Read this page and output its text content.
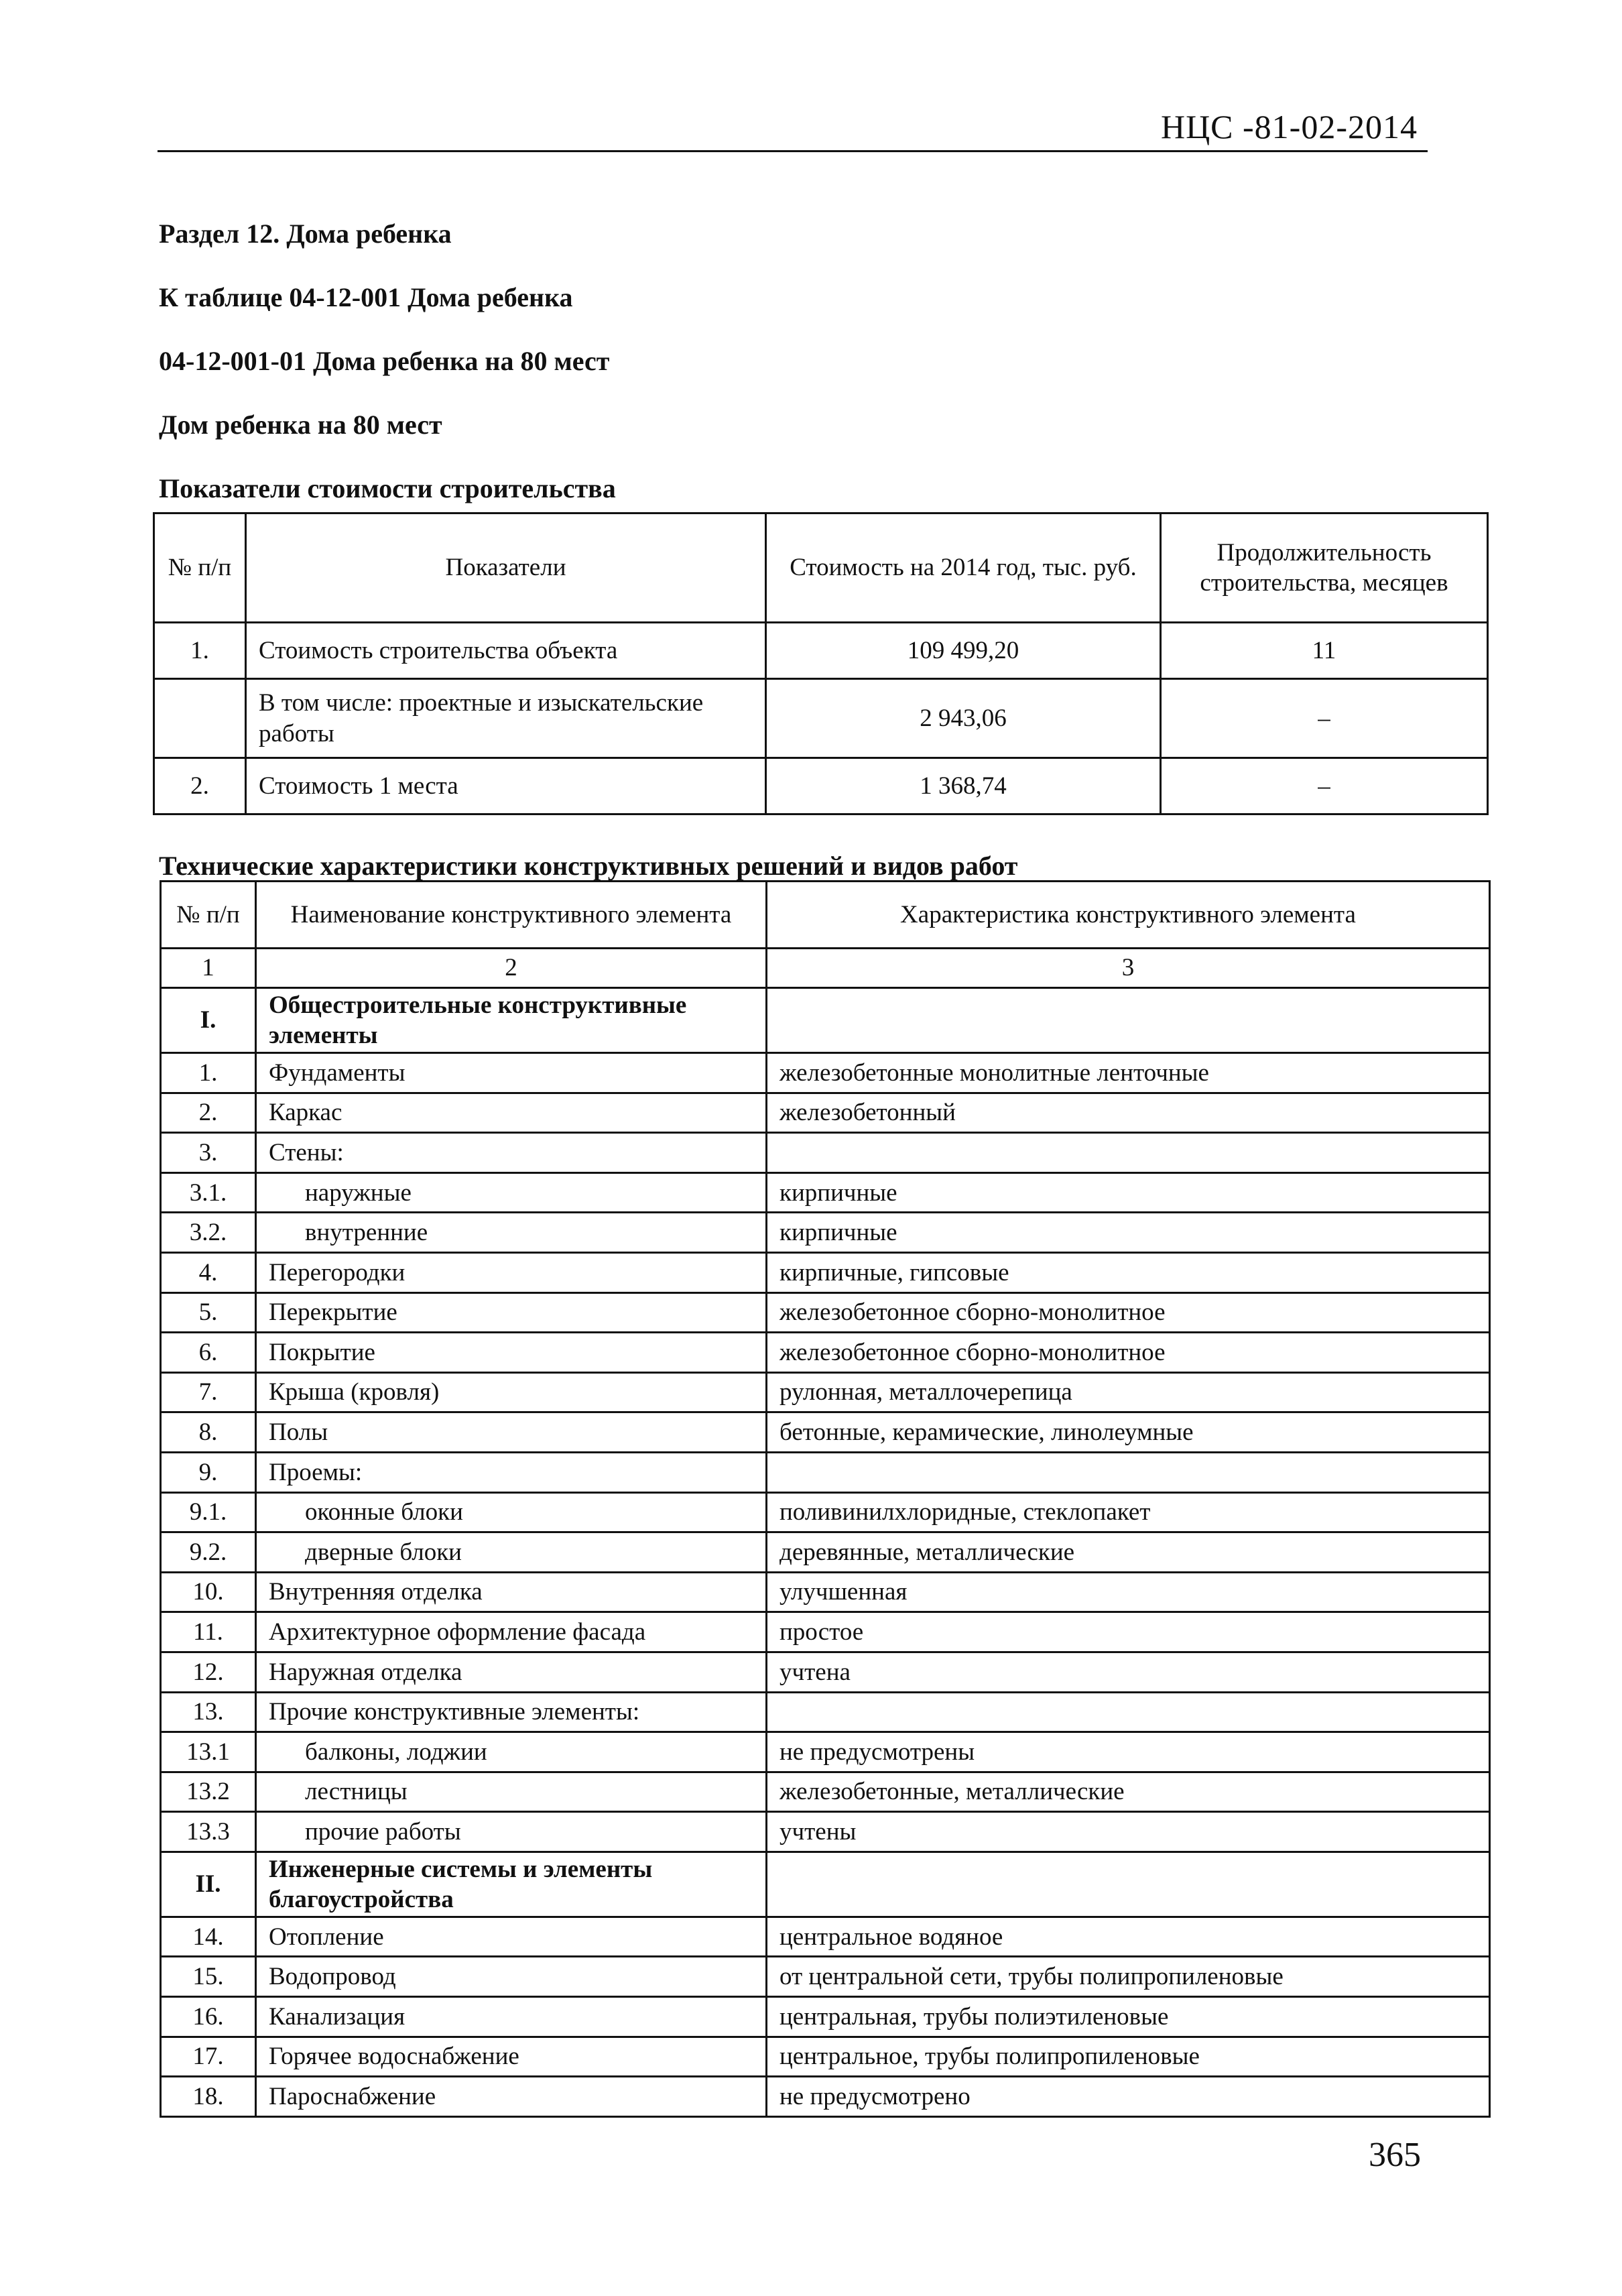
НЦС -81-02-2014
Раздел 12. Дома ребенка
К таблице 04-12-001 Дома ребенка
04-12-001-01 Дома ребенка на 80 мест
Дом ребенка на 80 мест
Показатели стоимости строительства
№ п/п	Показатели	Стоимость на 2014 год, тыс. руб.	Продолжительность строительства, месяцев
1.	Стоимость строительства объекта	109 499,20	11
	В том числе: проектные и изыскательские работы	2 943,06	–
2.	Стоимость 1 места	1 368,74	–
Технические характеристики конструктивных решений и видов работ
№ п/п	Наименование конструктивного элемента	Характеристика конструктивного элемента
1	2	3
I.	Общестроительные конструктивные элементы	
1.	Фундаменты	железобетонные монолитные ленточные
2.	Каркас	железобетонный
3.	Стены:	
3.1.	наружные	кирпичные
3.2.	внутренние	кирпичные
4.	Перегородки	кирпичные, гипсовые
5.	Перекрытие	железобетонное сборно-монолитное
6.	Покрытие	железобетонное сборно-монолитное
7.	Крыша (кровля)	рулонная, металлочерепица
8.	Полы	бетонные, керамические, линолеумные
9.	Проемы:	
9.1.	оконные блоки	поливинилхлоридные, стеклопакет
9.2.	дверные блоки	деревянные, металлические
10.	Внутренняя отделка	улучшенная
11.	Архитектурное оформление фасада	простое
12.	Наружная отделка	учтена
13.	Прочие конструктивные элементы:	
13.1	балконы, лоджии	не предусмотрены
13.2	лестницы	железобетонные, металлические
13.3	прочие работы	учтены
II.	Инженерные системы и элементы благоустройства	
14.	Отопление	центральное водяное
15.	Водопровод	от центральной сети, трубы полипропиленовые
16.	Канализация	центральная, трубы полиэтиленовые
17.	Горячее водоснабжение	центральное, трубы полипропиленовые
18.	Пароснабжение	не предусмотрено
365
